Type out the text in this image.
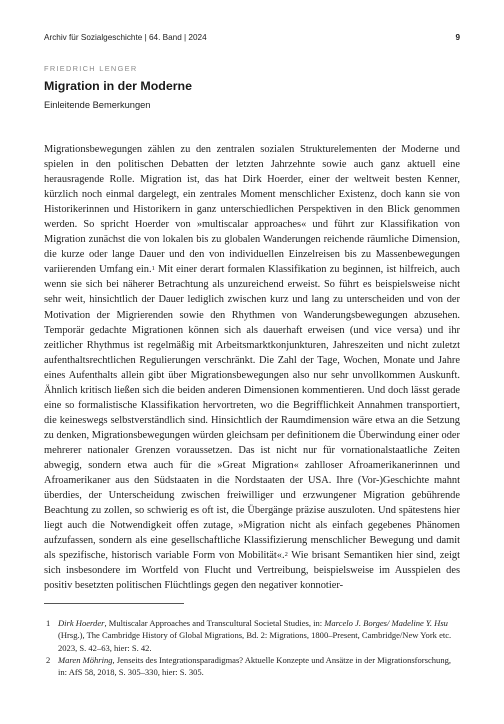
Archiv für Sozialgeschichte | 64. Band | 2024	9
FRIEDRICH LENGER
Migration in der Moderne
Einleitende Bemerkungen

Migrationsbewegungen zählen zu den zentralen sozialen Strukturelementen der Moderne und spielen in den politischen Debatten der letzten Jahrzehnte sowie auch ganz aktuell eine herausragende Rolle. Migration ist, das hat Dirk Hoerder, einer der weltweit besten Kenner, kürzlich noch einmal dargelegt, ein zentrales Moment menschlicher Existenz, doch kann sie von Historikerinnen und Historikern in ganz unterschiedlichen Perspektiven in den Blick genommen werden. So spricht Hoerder von »multiscalar approaches« und führt zur Klassifikation von Migration zunächst die von lokalen bis zu globalen Wanderungen reichende räumliche Dimension, die kurze oder lange Dauer und den von individuellen Einzelreisen bis zu Massenbewegungen variierenden Umfang ein.$^1$ Mit einer derart formalen Klassifikation zu beginnen, ist hilfreich, auch wenn sie sich bei näherer Betrachtung als unzureichend erweist. So führt es beispielsweise nicht sehr weit, hinsichtlich der Dauer lediglich zwischen kurz und lang zu unterscheiden und von der Motivation der Migrierenden sowie den Rhythmen von Wanderungsbewegungen abzusehen. Temporär gedachte Migrationen können sich als dauerhaft erweisen (und vice versa) und ihr zeitlicher Rhythmus ist regelmäßig mit Arbeitsmarktkonjunkturen, Jahreszeiten und nicht zuletzt aufenthaltsrechtlichen Regulierungen verschränkt. Die Zahl der Tage, Wochen, Monate und Jahre eines Aufenthalts allein gibt über Migrationsbewegungen also nur sehr unvollkommen Auskunft. Ähnlich kritisch ließen sich die beiden anderen Dimensionen kommentieren. Und doch lässt gerade eine so formalistische Klassifikation hervortreten, wo die Begrifflichkeit Annahmen transportiert, die keineswegs selbstverständlich sind. Hinsichtlich der Raumdimension wäre etwa an die Setzung zu denken, Migrationsbewegungen würden gleichsam per definitionem die Überwindung einer oder mehrerer nationaler Grenzen voraussetzen. Das ist nicht nur für vornationalstaatliche Zeiten abwegig, sondern etwa auch für die »Great Migration« zahlloser Afroamerikanerinnen und Afroamerikaner aus den Südstaaten in die Nordstaaten der USA. Ihre (Vor-)Geschichte mahnt überdies, der Unterscheidung zwischen freiwilliger und erzwungener Migration gebührende Beachtung zu zollen, so schwierig es oft ist, die Übergänge präzise auszuloten. Und spätestens hier liegt auch die Notwendigkeit offen zutage, »Migration nicht als einfach gegebenes Phänomen aufzufassen, sondern als eine gesellschaftliche Klassifizierung menschlicher Bewegung und damit als spezifische, historisch variable Form von Mobilität«.$^2$ Wie brisant Semantiken hier sind, zeigt sich insbesondere im Wortfeld von Flucht und Vertreibung, beispielsweise im Ausspielen des positiv besetzten politischen Flüchtlings gegen den negativer konnotier-

1 Dirk Hoerder, Multiscalar Approaches and Transcultural Societal Studies, in: Marcelo J. Borges/ Madeline Y. Hsu (Hrsg.), The Cambridge History of Global Migrations, Bd. 2: Migrations, 1800–Present, Cambridge/New York etc. 2023, S. 42–63, hier: S. 42.
2 Maren Möhring, Jenseits des Integrationsparadigmas? Aktuelle Konzepte und Ansätze in der Migrationsforschung, in: AfS 58, 2018, S. 305–330, hier: S. 305.
